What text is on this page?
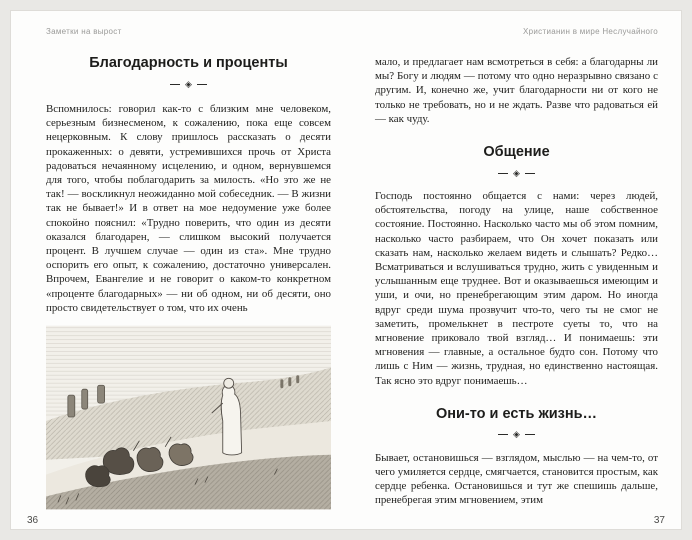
Заметки на вырост
Благодарность и проценты
◈

Вспомнилось: говорил как-то с близким мне человеком, серьезным бизнесменом, к сожалению, пока еще совсем нецерковным. К слову пришлось рассказать о десяти прокаженных: о девяти, устремившихся прочь от Христа радоваться нечаянному исцелению, и одном, вернувшемся для того, чтобы поблагодарить за милость. «Но это же не так! — воскликнул неожиданно мой собеседник. — В жизни так не бывает!» И в ответ на мое недоумение уже более спокойно пояснил: «Трудно поверить, что один из десяти оказался благодарен, — слишком высокий получается процент. В лучшем случае — один из ста». Мне трудно оспорить его опыт, к сожалению, достаточно универсален. Впрочем, Евангелие и не говорит о каком-то конкретном «проценте благодарных» — ни об одном, ни об десяти, оно просто свидетельствует о том, что их очень

36
Христианин в мире Неслучайного

мало, и предлагает нам всмотреться в себя: а благодарны ли мы? Богу и людям — потому что одно неразрывно связано с другим. И, конечно же, учит благодарности ни от кого не только не требовать, но и не ждать. Разве что радоваться ей — как чуду.

Общение
◈

Господь постоянно общается с нами: через людей, обстоятельства, погоду на улице, наше собственное состояние. Постоянно. Насколько часто мы об этом помним, насколько часто разбираем, что Он хочет показать или сказать нам, насколько желаем видеть и слышать? Редко… Всматриваться и вслушиваться трудно, жить с увиденным и услышанным еще труднее. Вот и оказываешься имеющим и уши, и очи, но пренебрегающим этим даром. Но иногда вдруг среди шума прозвучит что-то, чего ты не смог не заметить, промелькнет в пестроте суеты то, что на мгновение приковало твой взгляд… И понимаешь: эти мгновения — главные, а остальное будто сон. Потому что лишь с Ним — жизнь, трудная, но единственно настоящая. Так ясно это вдруг понимаешь…

Они-то и есть жизнь…
◈

Бывает, остановишься — взглядом, мыслью — на чем-то, от чего умиляется сердце, смягчается, становится простым, как сердце ребенка. Остановишься и тут же спешишь дальше, пренебрегая этим мгновением, этим

37
